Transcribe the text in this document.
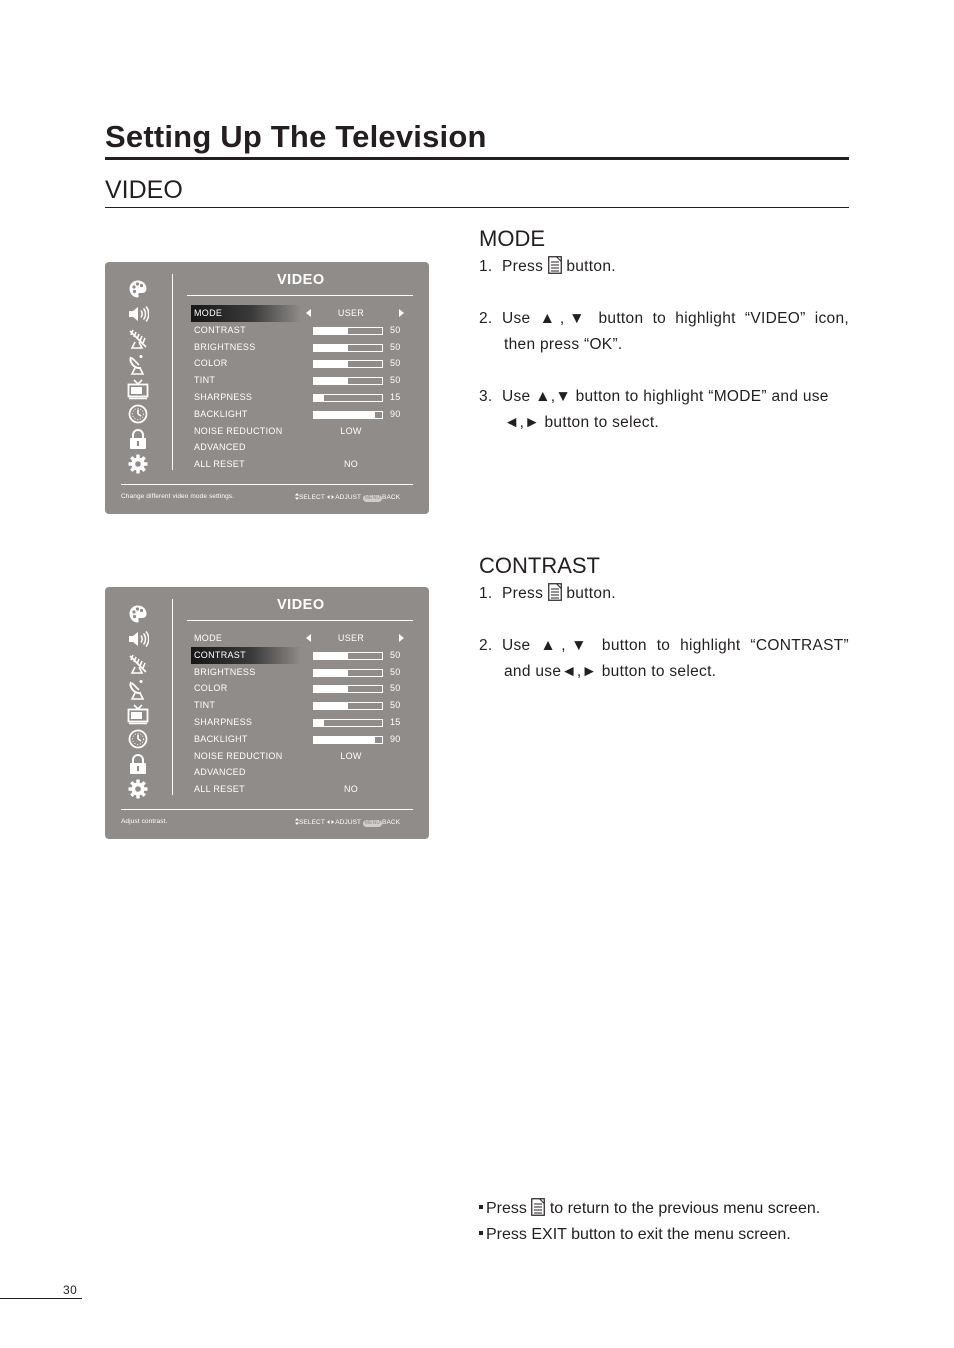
Setting Up The Television
VIDEO
VIDEO
MODE	USER
CONTRAST	50
BRIGHTNESS	50
COLOR	50
TINT	50
SHARPNESS	15
BACKLIGHT	90
NOISE REDUCTION	LOW
ADVANCED
ALL RESET	NO
Change different video mode settings.	SELECT ADJUST MENU BACK
VIDEO
MODE	USER
CONTRAST	50
BRIGHTNESS	50
COLOR	50
TINT	50
SHARPNESS	15
BACKLIGHT	90
NOISE REDUCTION	LOW
ADVANCED
ALL RESET	NO
Adjust contrast.	SELECT ADJUST MENU BACK
MODE
1. Press button.
2. Use ▲,▼ button to highlight “VIDEO” icon,
then press “OK”.
3. Use ▲,▼ button to highlight “MODE” and use
◄,► button to select.
CONTRAST
1. Press button.
2. Use ▲,▼ button to highlight “CONTRAST”
and use◄,► button to select.
Press to return to the previous menu screen.
Press EXIT button to exit the menu screen.
30
